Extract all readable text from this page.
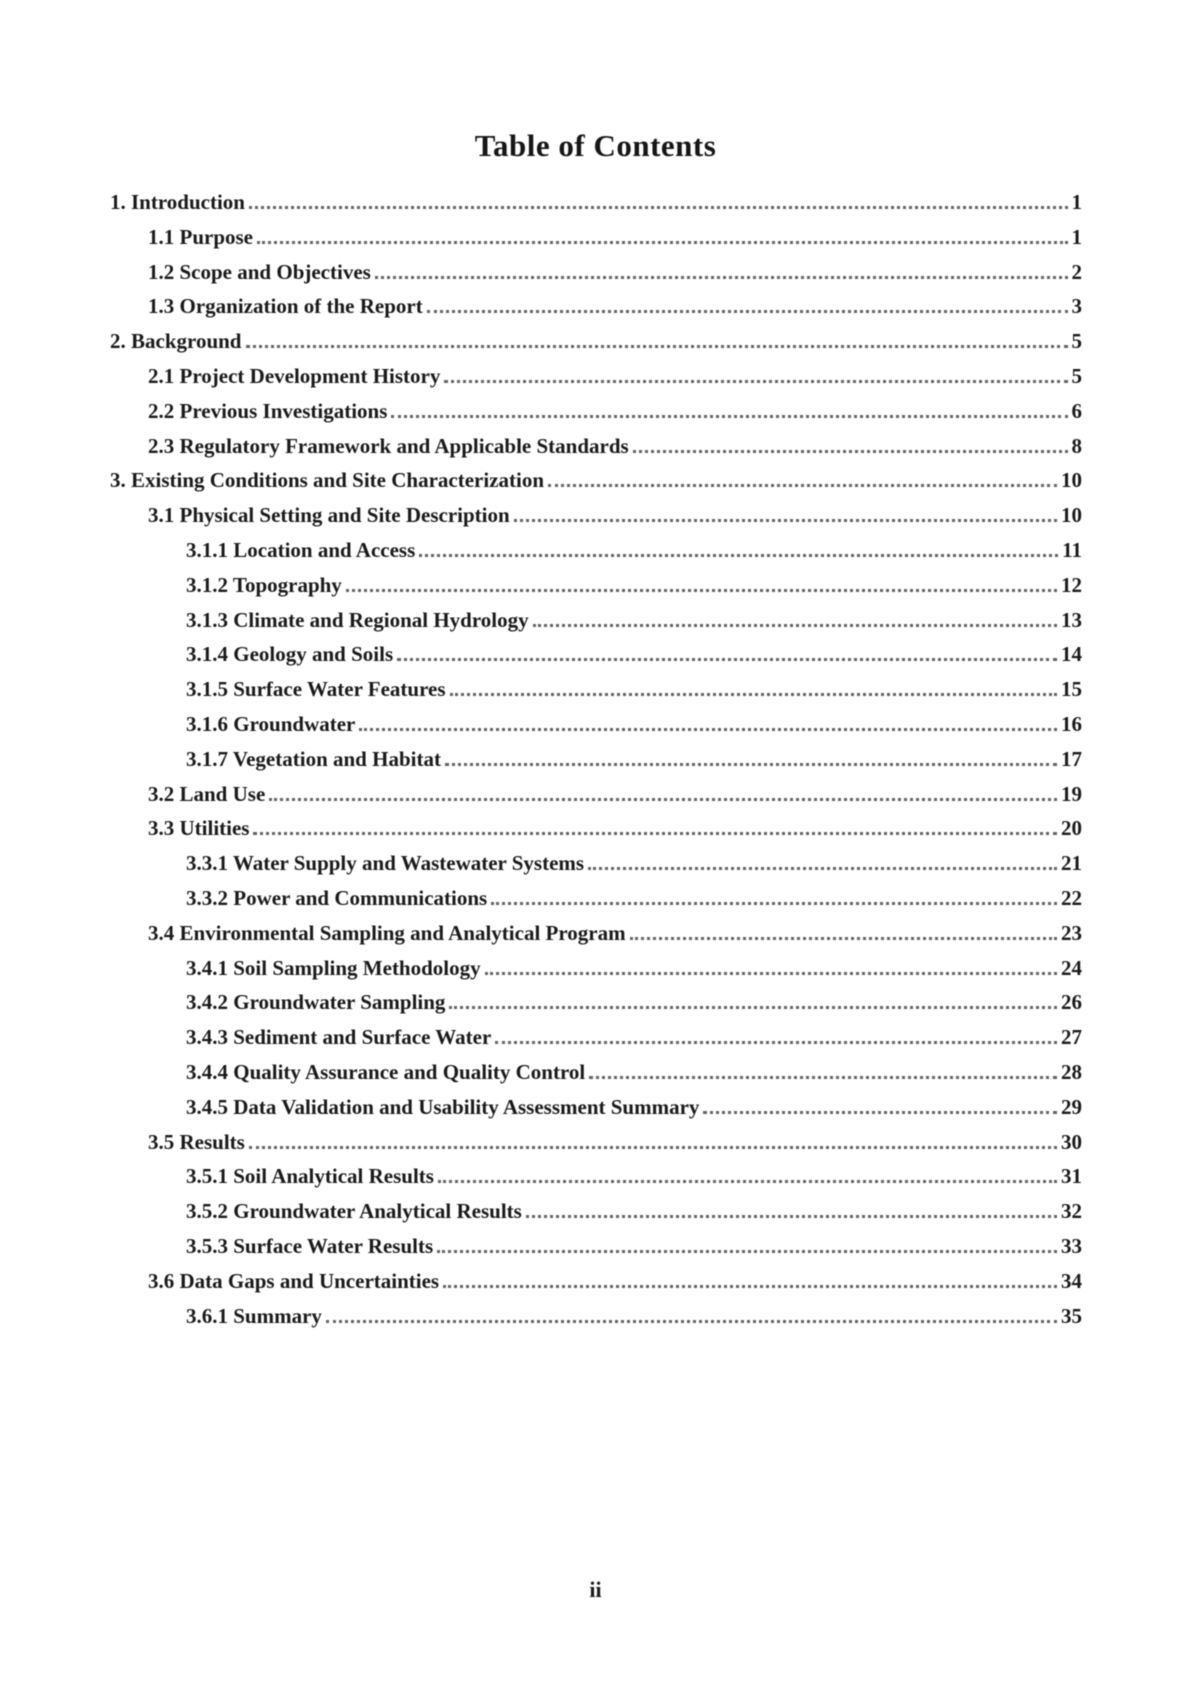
Table of Contents
1. Introduction	1
1.1 Purpose	1
1.2 Scope and Objectives	2
1.3 Organization of the Report	3
2. Background	5
2.1 Project Development History	5
2.2 Previous Investigations	6
2.3 Regulatory Framework and Applicable Standards	8
3. Existing Conditions and Site Characterization	10
3.1 Physical Setting and Site Description	10
3.1.1 Location and Access	11
3.1.2 Topography	12
3.1.3 Climate and Regional Hydrology	13
3.1.4 Geology and Soils	14
3.1.5 Surface Water Features	15
3.1.6 Groundwater	16
3.1.7 Vegetation and Habitat	17
3.2 Land Use	19
3.3 Utilities	20
3.3.1 Water Supply and Wastewater Systems	21
3.3.2 Power and Communications	22
3.4 Environmental Sampling and Analytical Program	23
3.4.1 Soil Sampling Methodology	24
3.4.2 Groundwater Sampling	26
3.4.3 Sediment and Surface Water	27
3.4.4 Quality Assurance and Quality Control	28
3.4.5 Data Validation and Usability Assessment Summary	29
3.5 Results	30
3.5.1 Soil Analytical Results	31
3.5.2 Groundwater Analytical Results	32
3.5.3 Surface Water Results	33
3.6 Data Gaps and Uncertainties	34
3.6.1 Summary	35
ii
